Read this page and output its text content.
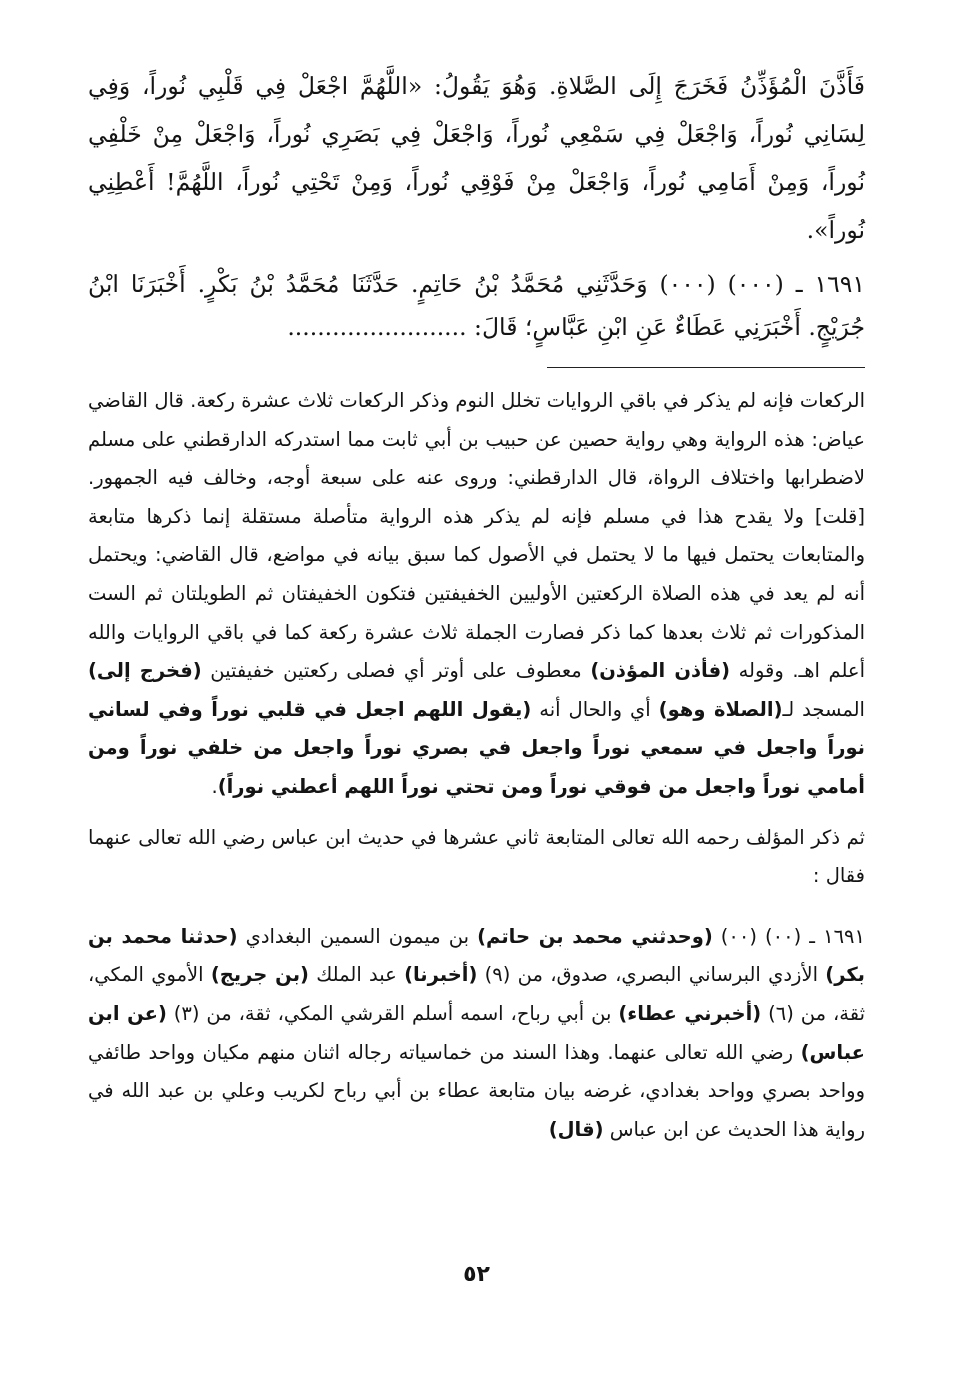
فَأَذَّنَ الْمُؤَذِّنُ فَخَرَجَ إِلَى الصَّلاةِ. وَهُوَ يَقُولُ: «اللَّهُمَّ اجْعَلْ فِي قَلْبِي نُوراً، وَفِي لِسَانِي نُوراً، وَاجْعَلْ فِي سَمْعِي نُوراً، وَاجْعَلْ فِي بَصَرِي نُوراً، وَاجْعَلْ مِنْ خَلْفِي نُوراً، وَمِنْ أَمَامِي نُوراً، وَاجْعَلْ مِنْ فَوْقِي نُوراً، وَمِنْ تَحْتِي نُوراً، اللَّهُمَّ! أَعْطِنِي نُوراً».

١٦٩١ ـ (٠٠٠) (٠٠٠) وَحَدَّثَنِي مُحَمَّدُ بْنُ حَاتِمٍ. حَدَّثَنَا مُحَمَّدُ بْنُ بَكْرٍ. أَخْبَرَنَا ابْنُ جُرَيْجٍ. أَخْبَرَنِي عَطَاءٌ عَنِ ابْنِ عَبَّاسٍ؛ قَالَ: ........................

الركعات فإنه لم يذكر في باقي الروايات تخلل النوم وذكر الركعات ثلاث عشرة ركعة. قال القاضي عياض: هذه الرواية وهي رواية حصين عن حبيب بن أبي ثابت مما استدركه الدارقطني على مسلم لاضطرابها واختلاف الرواة، قال الدارقطني: وروى عنه على سبعة أوجه، وخالف فيه الجمهور. [قلت] ولا يقدح هذا في مسلم فإنه لم يذكر هذه الرواية متأصلة مستقلة إنما ذكرها متابعة والمتابعات يحتمل فيها ما لا يحتمل في الأصول كما سبق بيانه في مواضع، قال القاضي: ويحتمل أنه لم يعد في هذه الصلاة الركعتين الأوليين الخفيفتين فتكون الخفيفتان ثم الطويلتان ثم الست المذكورات ثم ثلاث بعدها كما ذكر فصارت الجملة ثلاث عشرة ركعة كما في باقي الروايات والله أعلم اهـ. وقوله (فأذن المؤذن) معطوف على أوتر أي فصلى ركعتين خفيفتين (فخرج إلى) المسجد لـ(الصلاة وهو) أي والحال أنه (يقول اللهم اجعل في قلبي نوراً وفي لساني نوراً واجعل في سمعي نوراً واجعل في بصري نوراً واجعل من خلفي نوراً ومن أمامي نوراً واجعل من فوقي نوراً ومن تحتي نوراً اللهم أعطني نوراً).

ثم ذكر المؤلف رحمه الله تعالى المتابعة ثاني عشرها في حديث ابن عباس رضي الله تعالى عنهما فقال :

١٦٩١ ـ (٠٠) (٠٠) (وحدثني محمد بن حاتم) بن ميمون السمين البغدادي (حدثنا محمد بن بكر) الأزدي البرساني البصري، صدوق، من (٩) (أخبرنا) عبد الملك (بن جريج) الأموي المكي، ثقة، من (٦) (أخبرني عطاء) بن أبي رباح، اسمه أسلم القرشي المكي، ثقة، من (٣) (عن ابن عباس) رضي الله تعالى عنهما. وهذا السند من خماسياته رجاله اثنان منهم مكيان وواحد طائفي وواحد بصري وواحد بغدادي، غرضه بيان متابعة عطاء بن أبي رباح لكريب وعلي بن عبد الله في رواية هذا الحديث عن ابن عباس (قال)

٥٢
